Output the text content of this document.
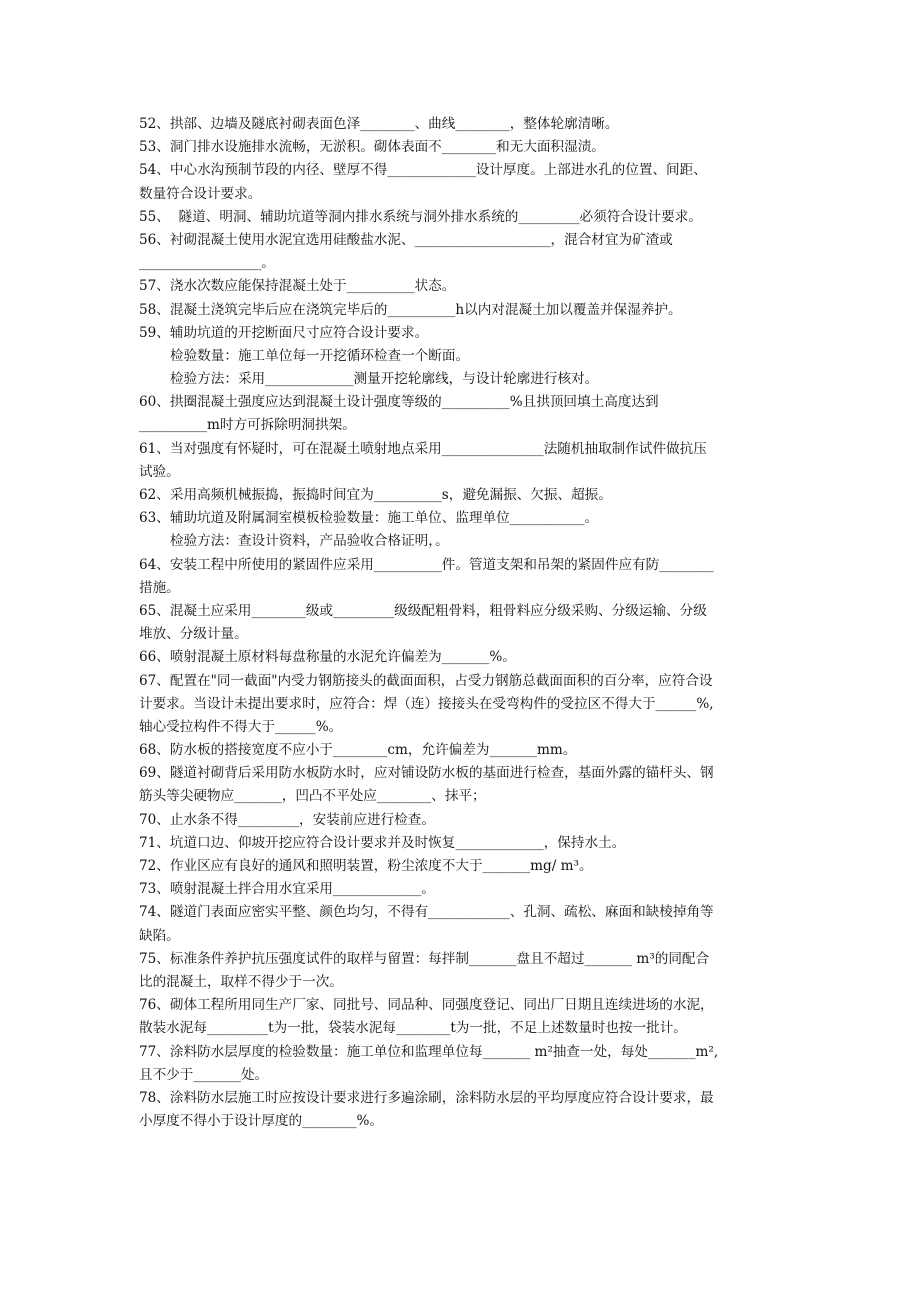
52、拱部、边墙及隧底衬砌表面色泽________、曲线________，整体轮廓清晰。
53、洞门排水设施排水流畅，无淤积。砌体表面不________和无大面积湿渍。
54、中心水沟预制节段的内径、壁厚不得_____________设计厚度。上部进水孔的位置、间距、
数量符合设计要求。
55、  隧道、明洞、辅助坑道等洞内排水系统与洞外排水系统的_________必须符合设计要求。
56、衬砌混凝土使用水泥宜选用硅酸盐水泥、____________________，混合材宜为矿渣或
__________________。
57、浇水次数应能保持混凝土处于__________状态。
58、混凝土浇筑完毕后应在浇筑完毕后的__________h以内对混凝土加以覆盖并保湿养护。
59、辅助坑道的开挖断面尺寸应符合设计要求。
检验数量：施工单位每一开挖循环检查一个断面。
检验方法：采用_____________测量开挖轮廓线，与设计轮廓进行核对。
60、拱圈混凝土强度应达到混凝土设计强度等级的__________%且拱顶回填土高度达到
__________m时方可拆除明洞拱架。
61、当对强度有怀疑时，可在混凝土喷射地点采用_______________法随机抽取制作试件做抗压
试验。
62、采用高频机械振捣，振捣时间宜为__________s，避免漏振、欠振、超振。
63、辅助坑道及附属洞室模板检验数量：施工单位、监理单位___________。
检验方法：查设计资料，产品验收合格证明，。
64、安装工程中所使用的紧固件应采用__________件。管道支架和吊架的紧固件应有防________
措施。
65、混凝土应采用________级或_________级级配粗骨料，粗骨料应分级采购、分级运输、分级
堆放、分级计量。
66、喷射混凝土原材料每盘称量的水泥允许偏差为_______%。
67、配置在"同一截面"内受力钢筋接头的截面面积，占受力钢筋总截面面积的百分率，应符合设
计要求。当设计未提出要求时，应符合：焊（连）接接头在受弯构件的受拉区不得大于______%,
轴心受拉构件不得大于______%。
68、防水板的搭接宽度不应小于________cm，允许偏差为_______mm。
69、隧道衬砌背后采用防水板防水时，应对铺设防水板的基面进行检查，基面外露的锚杆头、钢
筋头等尖硬物应_______，凹凸不平处应________、抹平；
70、止水条不得_________，安装前应进行检查。
71、坑道口边、仰坡开挖应符合设计要求并及时恢复_____________，保持水土。
72、作业区应有良好的通风和照明装置，粉尘浓度不大于_______mg/ m³。
73、喷射混凝土拌合用水宜采用_____________。
74、隧道门表面应密实平整、颜色均匀，不得有____________、孔洞、疏松、麻面和缺棱掉角等
缺陷。
75、标准条件养护抗压强度试件的取样与留置：每拌制_______盘且不超过_______ m³的同配合
比的混凝土，取样不得少于一次。
76、砌体工程所用同生产厂家、同批号、同品种、同强度登记、同出厂日期且连续进场的水泥，
散装水泥每_________t为一批，袋装水泥每________t为一批，不足上述数量时也按一批计。
77、涂料防水层厚度的检验数量：施工单位和监理单位每_______ m²抽查一处，每处_______m²,
且不少于_______处。
78、涂料防水层施工时应按设计要求进行多遍涂刷，涂料防水层的平均厚度应符合设计要求，最
小厚度不得小于设计厚度的________%。
